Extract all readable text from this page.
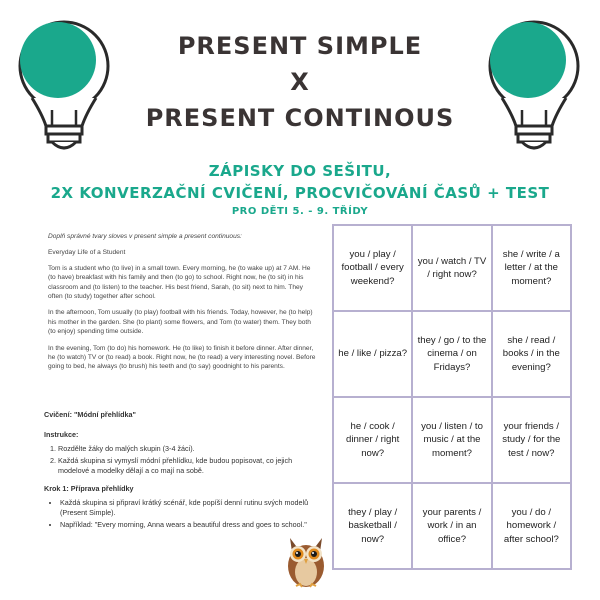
PRESENT SIMPLE
X
PRESENT CONTINOUS
ZÁPISKY DO SEŠITU,
2X KONVERZAČNÍ CVIČENÍ, PROCVIČOVÁNÍ ČASŮ + TEST
PRO DĚTI 5. - 9. TŘÍDY

Doplň správné tvary sloves v present simple a present continuous:

Everyday Life of a Student

Tom is a student who (to live) in a small town. Every morning, he (to wake up) at 7 AM. He (to have) breakfast with his family and then (to go) to school. Right now, he (to sit) in his classroom and (to listen) to the teacher. His best friend, Sarah, (to sit) next to him. They often (to study) together after school.

In the afternoon, Tom usually (to play) football with his friends. Today, however, he (to help) his mother in the garden. She (to plant) some flowers, and Tom (to water) them. They both (to enjoy) spending time outside.

In the evening, Tom (to do) his homework. He (to like) to finish it before dinner. After dinner, he (to watch) TV or (to read) a book. Right now, he (to read) a very interesting novel. Before going to bed, he always (to brush) his teeth and (to say) goodnight to his parents.

Cvičení: "Módní přehlídka"

Instrukce:

1. Rozdělte žáky do malých skupin (3-4 žáci).
2. Každá skupina si vymyslí módní přehlídku, kde budou popisovat, co jejich modelové a modelky dělají a co mají na sobě.

Krok 1: Příprava přehlídky

• Každá skupina si připraví krátký scénář, kde popíší denní rutinu svých modelů (Present Simple).
• Například: "Every morning, Anna wears a beautiful dress and goes to school."
you / play / football / every weekend?
you / watch / TV / right now?
she / write / a letter / at the moment?
he / like / pizza?
they / go / to the cinema / on Fridays?
she / read / books / in the evening?
he / cook / dinner / right now?
you / listen / to music / at the moment?
your friends / study / for the test / now?
they / play / basketball / now?
your parents / work / in an office?
you / do / homework / after school?
